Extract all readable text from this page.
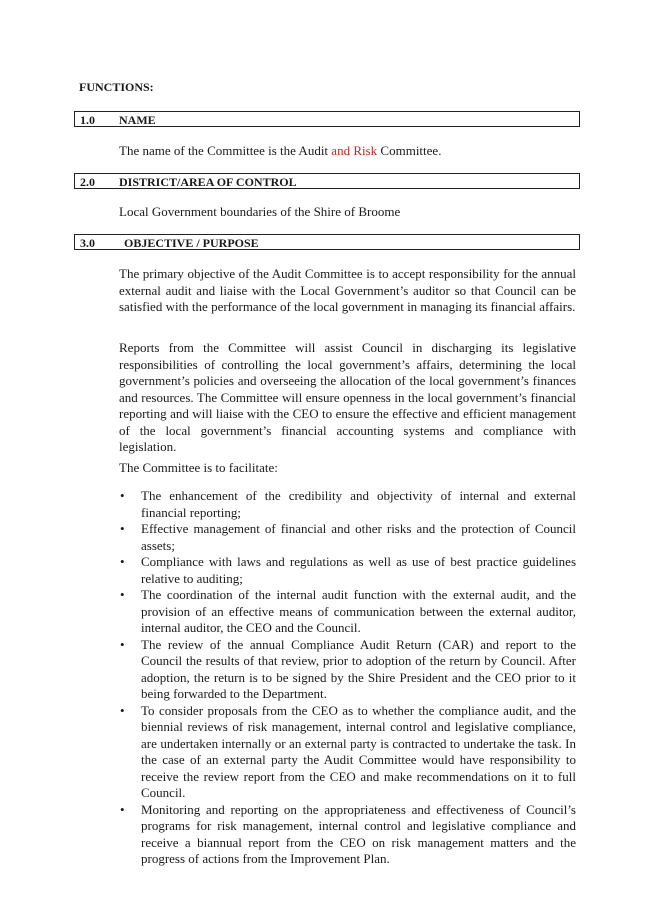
FUNCTIONS:
1.0 NAME
The name of the Committee is the Audit and Risk Committee.
2.0 DISTRICT/AREA OF CONTROL
Local Government boundaries of the Shire of Broome
3.0 OBJECTIVE / PURPOSE
The primary objective of the Audit Committee is to accept responsibility for the annual external audit and liaise with the Local Government’s auditor so that Council can be satisfied with the performance of the local government in managing its financial affairs.
Reports from the Committee will assist Council in discharging its legislative responsibilities of controlling the local government’s affairs, determining the local government’s policies and overseeing the allocation of the local government’s finances and resources. The Committee will ensure openness in the local government’s financial reporting and will liaise with the CEO to ensure the effective and efficient management of the local government’s financial accounting systems and compliance with legislation.
The Committee is to facilitate:
• The enhancement of the credibility and objectivity of internal and external financial reporting;
• Effective management of financial and other risks and the protection of Council assets;
• Compliance with laws and regulations as well as use of best practice guidelines relative to auditing;
• The coordination of the internal audit function with the external audit, and the provision of an effective means of communication between the external auditor, internal auditor, the CEO and the Council.
• The review of the annual Compliance Audit Return (CAR) and report to the Council the results of that review, prior to adoption of the return by Council. After adoption, the return is to be signed by the Shire President and the CEO prior to it being forwarded to the Department.
• To consider proposals from the CEO as to whether the compliance audit, and the biennial reviews of risk management, internal control and legislative compliance, are undertaken internally or an external party is contracted to undertake the task. In the case of an external party the Audit Committee would have responsibility to receive the review report from the CEO and make recommendations on it to full Council.
• Monitoring and reporting on the appropriateness and effectiveness of Council’s programs for risk management, internal control and legislative compliance and receive a biannual report from the CEO on risk management matters and the progress of actions from the Improvement Plan.
